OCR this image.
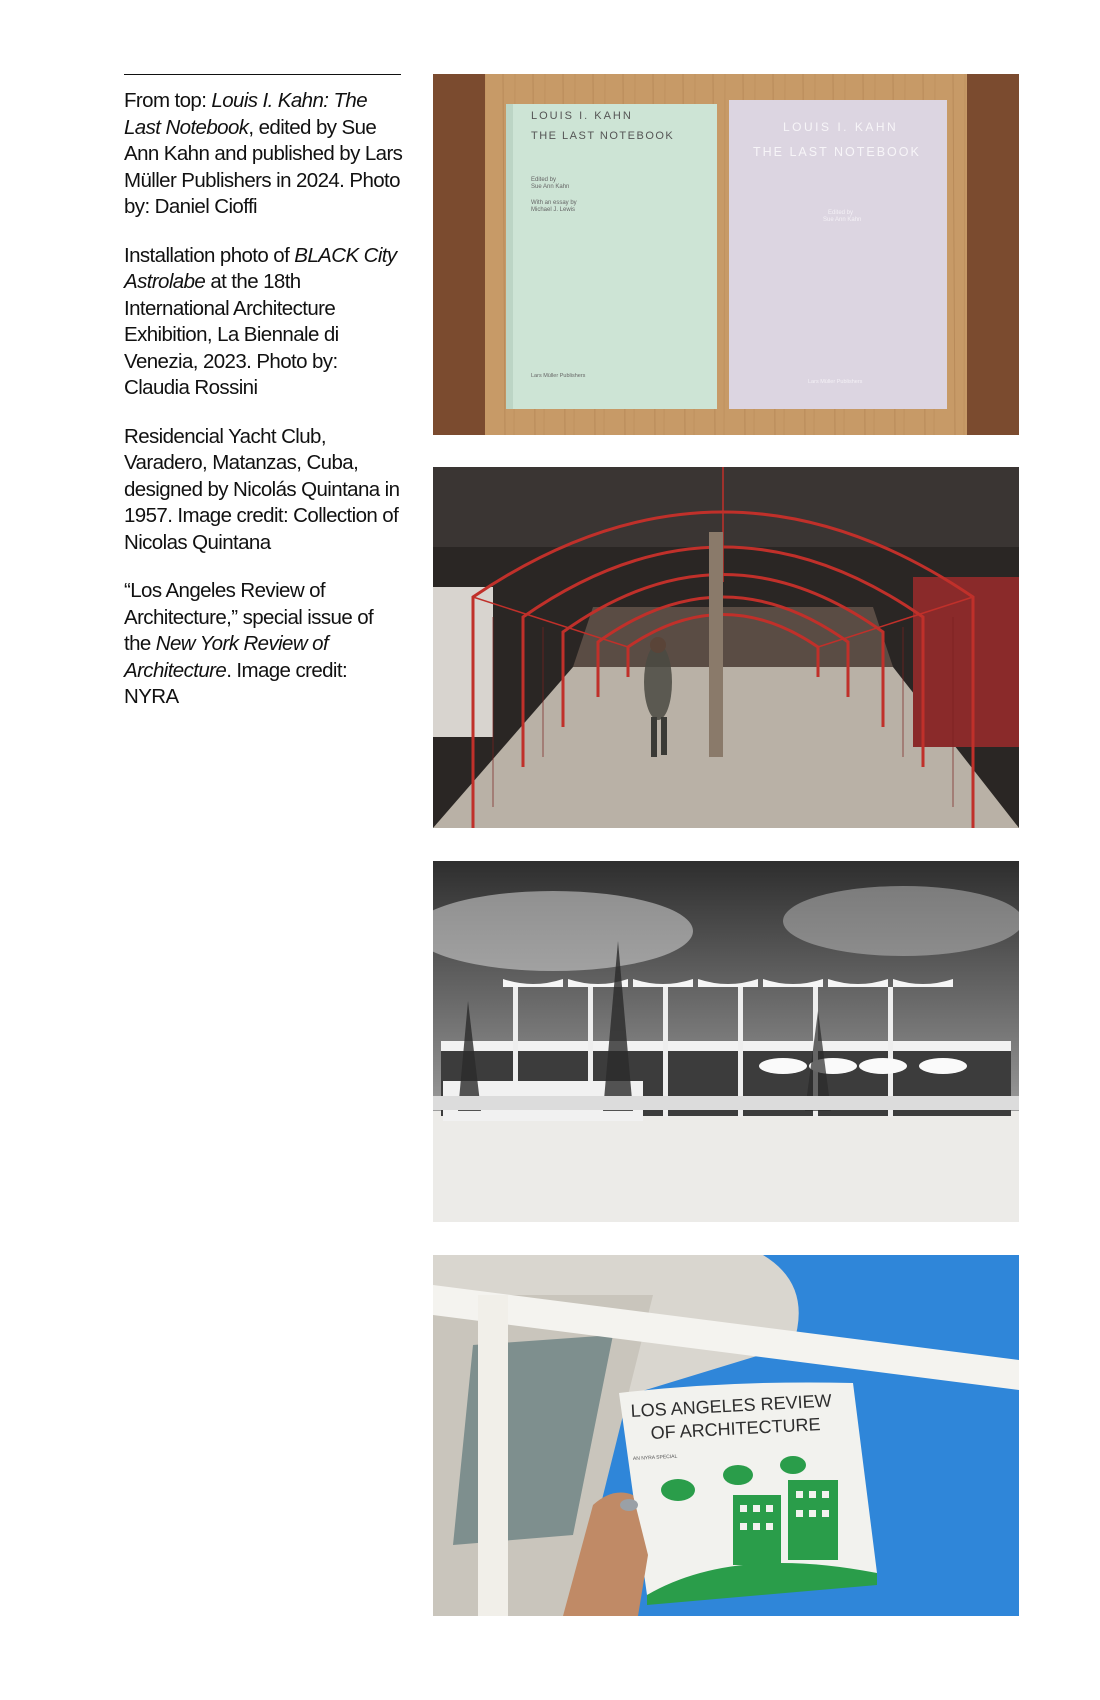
From top: Louis I. Kahn: The Last Notebook, edited by Sue Ann Kahn and published by Lars Müller Publishers in 2024. Photo by: Daniel Cioffi

Installation photo of BLACK City Astrolabe at the 18th International Architecture Exhibition, La Biennale di Venezia, 2023. Photo by: Claudia Rossini

Residencial Yacht Club, Varadero, Matanzas, Cuba, designed by Nicolás Quintana in 1957. Image credit: Collection of Nicolas Quintana

“Los Angeles Review of Architecture,” special issue of the New York Review of Architecture. Image credit: NYRA

LOUIS I. KAHN
THE LAST NOTEBOOK
Edited by
Sue Ann Kahn
With an essay by
Michael J. Lewis
Lars Müller Publishers
LOUIS I. KAHN
THE LAST NOTEBOOK
Edited by
Sue Ann Kahn
Lars Müller Publishers
LOS ANGELES REVIEW
OF ARCHITECTURE
AN NYRA SPECIAL
